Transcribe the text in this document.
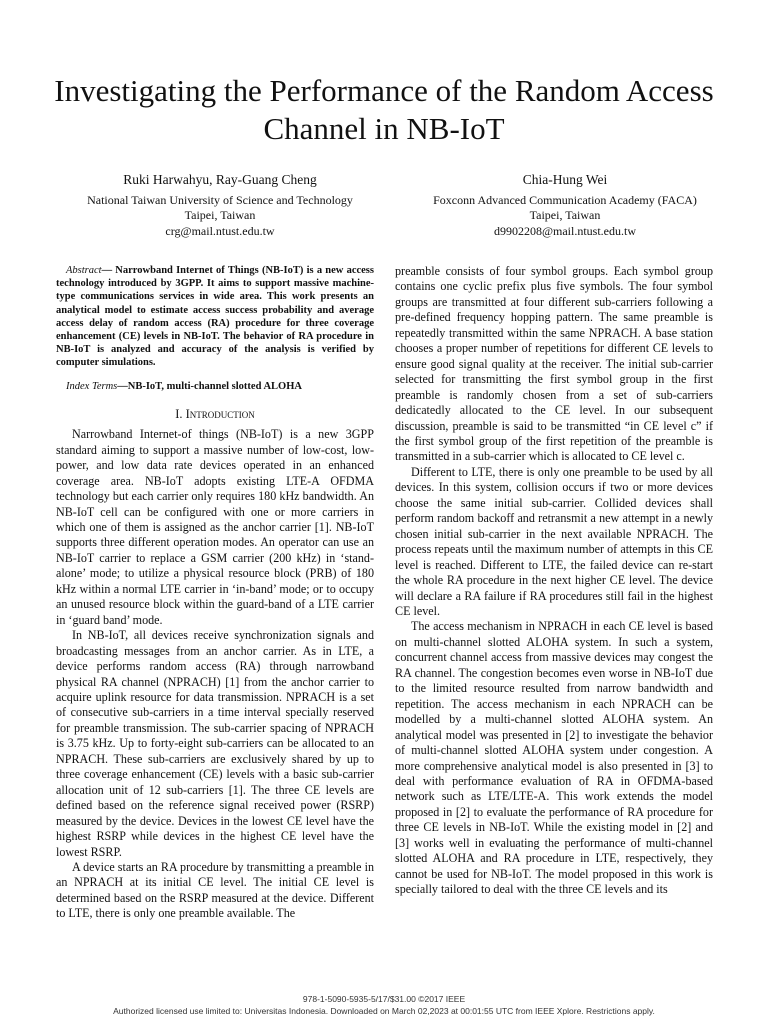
Investigating the Performance of the Random Access
Channel in NB-IoT
Ruki Harwahyu, Ray-Guang Cheng
National Taiwan University of Science and Technology
Taipei, Taiwan
crg@mail.ntust.edu.tw
Chia-Hung Wei
Foxconn Advanced Communication Academy (FACA)
Taipei, Taiwan
d9902208@mail.ntust.edu.tw

Abstract— Narrowband Internet of Things (NB-IoT) is a new access technology introduced by 3GPP. It aims to support massive machine-type communications services in wide area. This work presents an analytical model to estimate access success probability and average access delay of random access (RA) procedure for three coverage enhancement (CE) levels in NB-IoT. The behavior of RA procedure in NB-IoT is analyzed and accuracy of the analysis is verified by computer simulations.

Index Terms—NB-IoT, multi-channel slotted ALOHA

I. Introduction

Narrowband Internet-of things (NB-IoT) is a new 3GPP standard aiming to support a massive number of low-cost, low-power, and low data rate devices operated in an enhanced coverage area. NB-IoT adopts existing LTE-A OFDMA technology but each carrier only requires 180 kHz bandwidth. An NB-IoT cell can be configured with one or more carriers in which one of them is assigned as the anchor carrier [1]. NB-IoT supports three different operation modes. An operator can use an NB-IoT carrier to replace a GSM carrier (200 kHz) in ‘stand-alone’ mode; to utilize a physical resource block (PRB) of 180 kHz within a normal LTE carrier in ‘in-band’ mode; or to occupy an unused resource block within the guard-band of a LTE carrier in ‘guard band’ mode.

In NB-IoT, all devices receive synchronization signals and broadcasting messages from an anchor carrier. As in LTE, a device performs random access (RA) through narrowband physical RA channel (NPRACH) [1] from the anchor carrier to acquire uplink resource for data transmission. NPRACH is a set of consecutive sub-carriers in a time interval specially reserved for preamble transmission. The sub-carrier spacing of NPRACH is 3.75 kHz. Up to forty-eight sub-carriers can be allocated to an NPRACH. These sub-carriers are exclusively shared by up to three coverage enhancement (CE) levels with a basic sub-carrier allocation unit of 12 sub-carriers [1]. The three CE levels are defined based on the reference signal received power (RSRP) measured by the device. Devices in the lowest CE level have the highest RSRP while devices in the highest CE level have the lowest RSRP.

A device starts an RA procedure by transmitting a preamble in an NPRACH at its initial CE level. The initial CE level is determined based on the RSRP measured at the device. Different to LTE, there is only one preamble available. The

preamble consists of four symbol groups. Each symbol group contains one cyclic prefix plus five symbols. The four symbol groups are transmitted at four different sub-carriers following a pre-defined frequency hopping pattern. The same preamble is repeatedly transmitted within the same NPRACH. A base station chooses a proper number of repetitions for different CE levels to ensure good signal quality at the receiver. The initial sub-carrier selected for transmitting the first symbol group in the first preamble is randomly chosen from a set of sub-carriers dedicatedly allocated to the CE level. In our subsequent discussion, preamble is said to be transmitted “in CE level c” if the first symbol group of the first repetition of the preamble is transmitted in a sub-carrier which is allocated to CE level c.

Different to LTE, there is only one preamble to be used by all devices. In this system, collision occurs if two or more devices choose the same initial sub-carrier. Collided devices shall perform random backoff and retransmit a new attempt in a newly chosen initial sub-carrier in the next available NPRACH. The process repeats until the maximum number of attempts in this CE level is reached. Different to LTE, the failed device can re-start the whole RA procedure in the next higher CE level. The device will declare a RA failure if RA procedures still fail in the highest CE level.

The access mechanism in NPRACH in each CE level is based on multi-channel slotted ALOHA system. In such a system, concurrent channel access from massive devices may congest the RA channel. The congestion becomes even worse in NB-IoT due to the limited resource resulted from narrow bandwidth and repetition. The access mechanism in each NPRACH can be modelled by a multi-channel slotted ALOHA system. An analytical model was presented in [2] to investigate the behavior of multi-channel slotted ALOHA system under congestion. A more comprehensive analytical model is also presented in [3] to deal with performance evaluation of RA in OFDMA-based network such as LTE/LTE-A. This work extends the model proposed in [2] to evaluate the performance of RA procedure for three CE levels in NB-IoT. While the existing model in [2] and [3] works well in evaluating the performance of multi-channel slotted ALOHA and RA procedure in LTE, respectively, they cannot be used for NB-IoT. The model proposed in this work is specially tailored to deal with the three CE levels and its

978-1-5090-5935-5/17/$31.00 ©2017 IEEE
Authorized licensed use limited to: Universitas Indonesia. Downloaded on March 02,2023 at 00:01:55 UTC from IEEE Xplore. Restrictions apply.
